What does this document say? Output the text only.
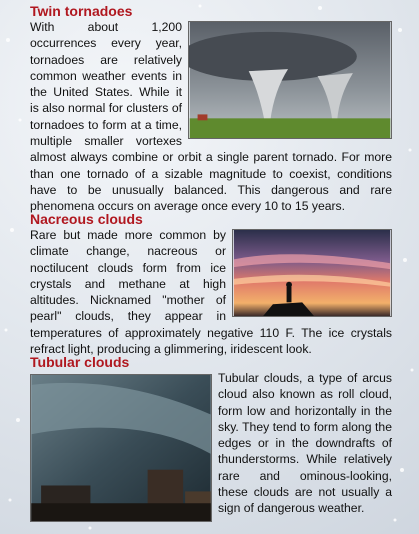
Twin tornadoes

With about 1,200 occurrences every year, tornadoes are relatively common weather events in the United States. While it is also normal for clusters of tornadoes to form at a time, multiple smaller vortexes almost always combine or orbit a single parent tornado. For more than one tornado of a sizable magnitude to coexist, conditions have to be unusually balanced. This dangerous and rare phenomena occurs on average once every 10 to 15 years.

Nacreous clouds

Rare but made more common by climate change, nacreous or noctilucent clouds form from ice crystals and methane at high altitudes. Nicknamed "mother of pearl" clouds, they appear in temperatures of approximately negative 110 F. The ice crystals refract light, producing a glimmering, iridescent look.

Tubular clouds

Tubular clouds, a type of arcus cloud also known as roll cloud, form low and horizontally in the sky. They tend to form along the edges or in the downdrafts of thunderstorms. While relatively rare and ominous-looking, these clouds are not usually a sign of dangerous weather.
